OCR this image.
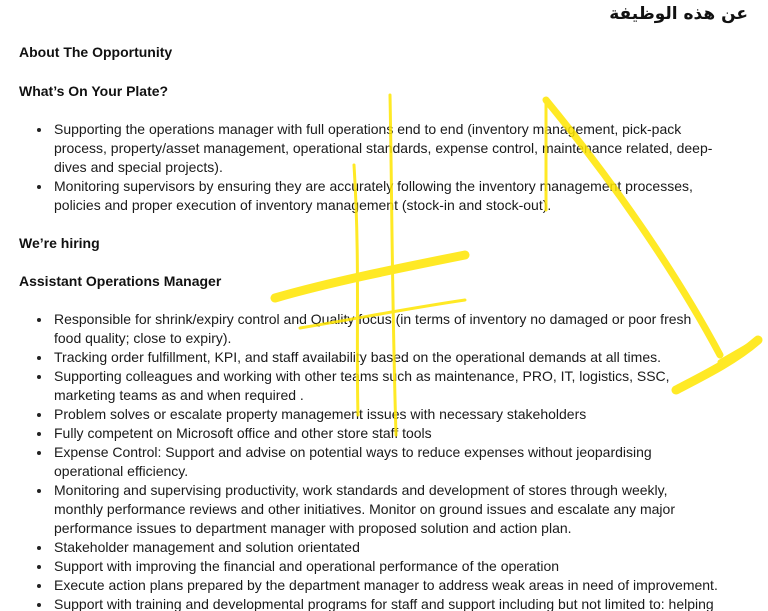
عن هذه الوظيفة

About The Opportunity

What’s On Your Plate?

Supporting the operations manager with full operations end to end (inventory management, pick-pack process, property/asset management, operational standards, expense control, maintenance related, deep-dives and special projects).
Monitoring supervisors by ensuring they are accurately following the inventory management processes, policies and proper execution of inventory management (stock-in and stock-out).

We’re hiring

Assistant Operations Manager

Responsible for shrink/expiry control and Quality focus (in terms of inventory no damaged or poor fresh food quality; close to expiry).
Tracking order fulfillment, KPI, and staff availability based on the operational demands at all times.
Supporting colleagues and working with other teams such as maintenance, PRO, IT, logistics, SSC, marketing teams as and when required .
Problem solves or escalate property management issues with necessary stakeholders
Fully competent on Microsoft office and other store staff tools
Expense Control: Support and advise on potential ways to reduce expenses without jeopardising operational efficiency.
Monitoring and supervising productivity, work standards and development of stores through weekly, monthly performance reviews and other initiatives. Monitor on ground issues and escalate any major performance issues to department manager with proposed solution and action plan.
Stakeholder management and solution orientated
Support with improving the financial and operational performance of the operation
Execute action plans prepared by the department manager to address weak areas in need of improvement.
Support with training and developmental programs for staff and support including but not limited to: helping
